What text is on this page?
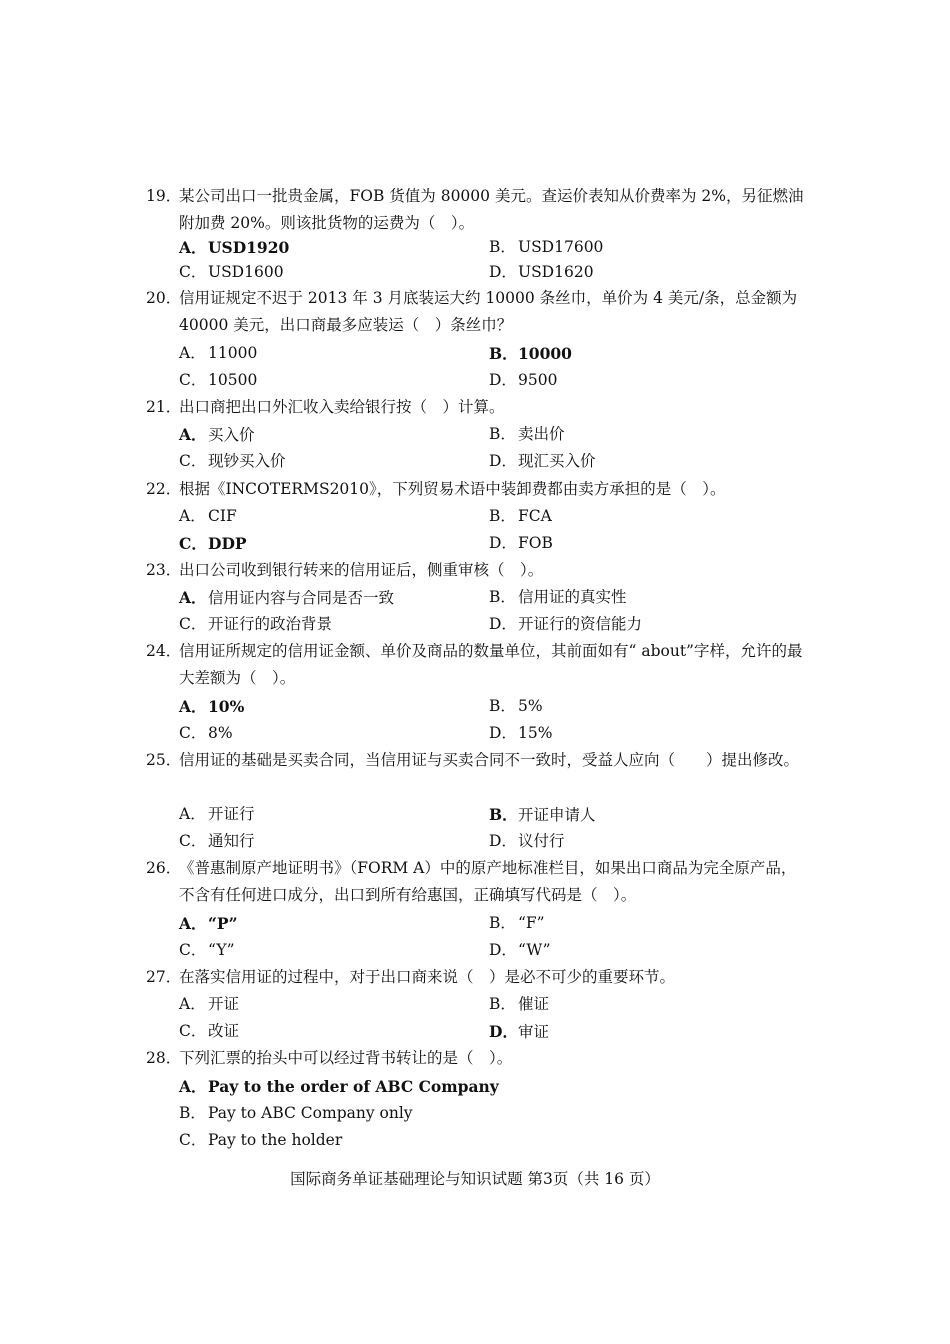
19．
某公司出口一批贵金属，FOB 货值为 80000 美元。查运价表知从价费率为 2%，另征燃油附加费 20%。则该批货物的运费为（　）。
A．USD1920	B． USD17600
C． USD1600	D．USD1620
20．
信用证规定不迟于 2013 年 3 月底装运大约 10000 条丝巾，单价为 4 美元/条，总金额为 40000 美元，出口商最多应装运（　）条丝巾？
A． 11000	B．10000
C． 10500	D．9500
21．
出口商把出口外汇收入卖给银行按（　）计算。
A．买入价	B． 卖出价
C． 现钞买入价	D．现汇买入价
22．
根据《INCOTERMS2010》，下列贸易术语中装卸费都由卖方承担的是（　）。
A． CIF	B． FCA
C．DDP	D．FOB
23．
出口公司收到银行转来的信用证后，侧重审核（　）。
A．信用证内容与合同是否一致	B． 信用证的真实性
C． 开证行的政治背景	D．开证行的资信能力
24．
信用证所规定的信用证金额、单价及商品的数量单位，其前面如有“ about”字样，允许的最大差额为（　）。
A．10%	B． 5%
C． 8%	D．15%
25．
信用证的基础是买卖合同，当信用证与买卖合同不一致时，受益人应向（　　）提出修改。
A． 开证行	B．开证申请人
C． 通知行	D．议付行
26．
《普惠制原产地证明书》（FORM A）中的原产地标准栏目，如果出口商品为完全原产品，不含有任何进口成分，出口到所有给惠国，正确填写代码是（　）。
A．“P”	B． “F”
C． “Y”	D．“W”
27．
在落实信用证的过程中，对于出口商来说（　）是必不可少的重要环节。
A． 开证	B． 催证
C． 改证	D．审证
28．
下列汇票的抬头中可以经过背书转让的是（　）。
A．Pay to the order of ABC Company
B． Pay to ABC Company only
C． Pay to the holder
国际商务单证基础理论与知识试题 第3页（共 16 页）
